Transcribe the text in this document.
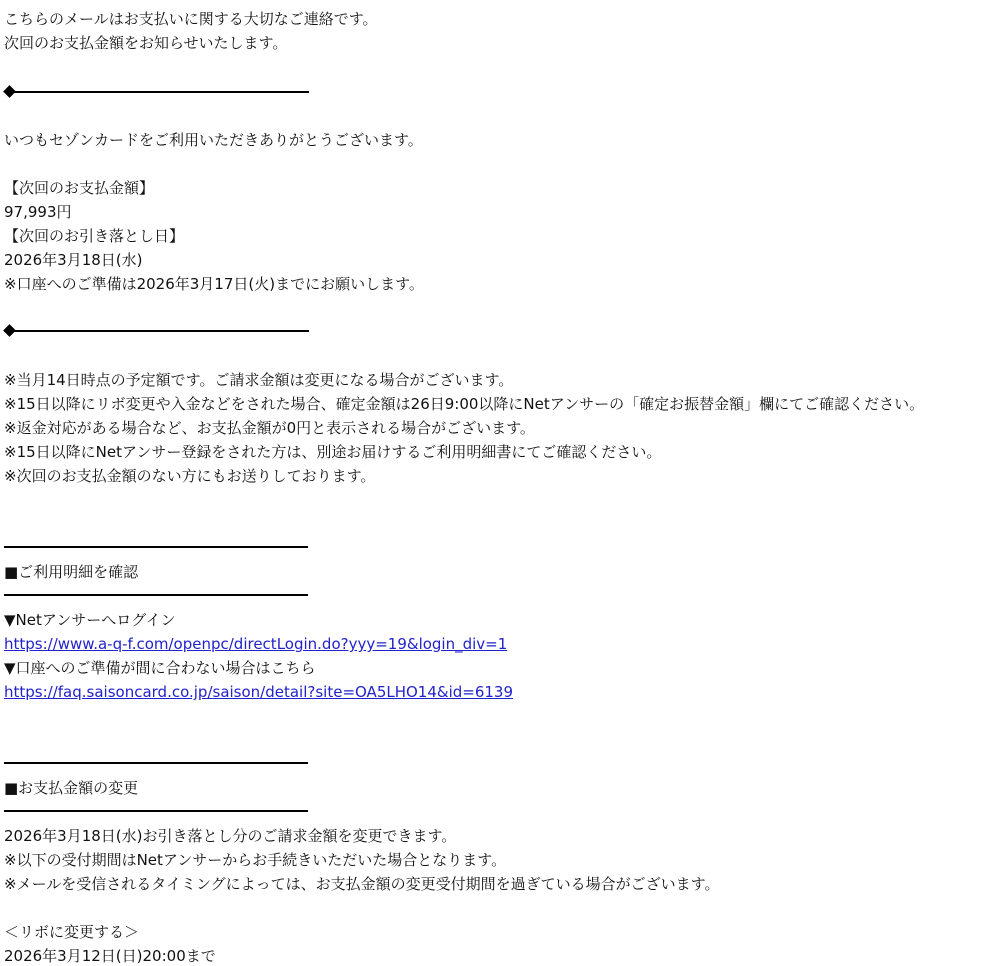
こちらのメールはお支払いに関する大切なご連絡です。
次回のお支払金額をお知らせいたします。
いつもセゾンカードをご利用いただきありがとうございます。
【次回のお支払金額】
97,993円
【次回のお引き落とし日】
2026年3月18日(水)
※口座へのご準備は2026年3月17日(火)までにお願いします。
※当月14日時点の予定額です。ご請求金額は変更になる場合がございます。
※15日以降にリボ変更や入金などをされた場合、確定金額は26日9:00以降にNetアンサーの「確定お振替金額」欄にてご確認ください。
※返金対応がある場合など、お支払金額が0円と表示される場合がございます。
※15日以降にNetアンサー登録をされた方は、別途お届けするご利用明細書にてご確認ください。
※次回のお支払金額のない方にもお送りしております。
■ご利用明細を確認
▼Netアンサーへログイン
https://www.a-q-f.com/openpc/directLogin.do?yyy=19&login_div=1
▼口座へのご準備が間に合わない場合はこちら
https://faq.saisoncard.co.jp/saison/detail?site=OA5LHO14&id=6139
■お支払金額の変更
2026年3月18日(水)お引き落とし分のご請求金額を変更できます。
※以下の受付期間はNetアンサーからお手続きいただいた場合となります。
※メールを受信されるタイミングによっては、お支払金額の変更受付期間を過ぎている場合がございます。
＜リボに変更する＞
2026年3月12日(日)20:00まで
